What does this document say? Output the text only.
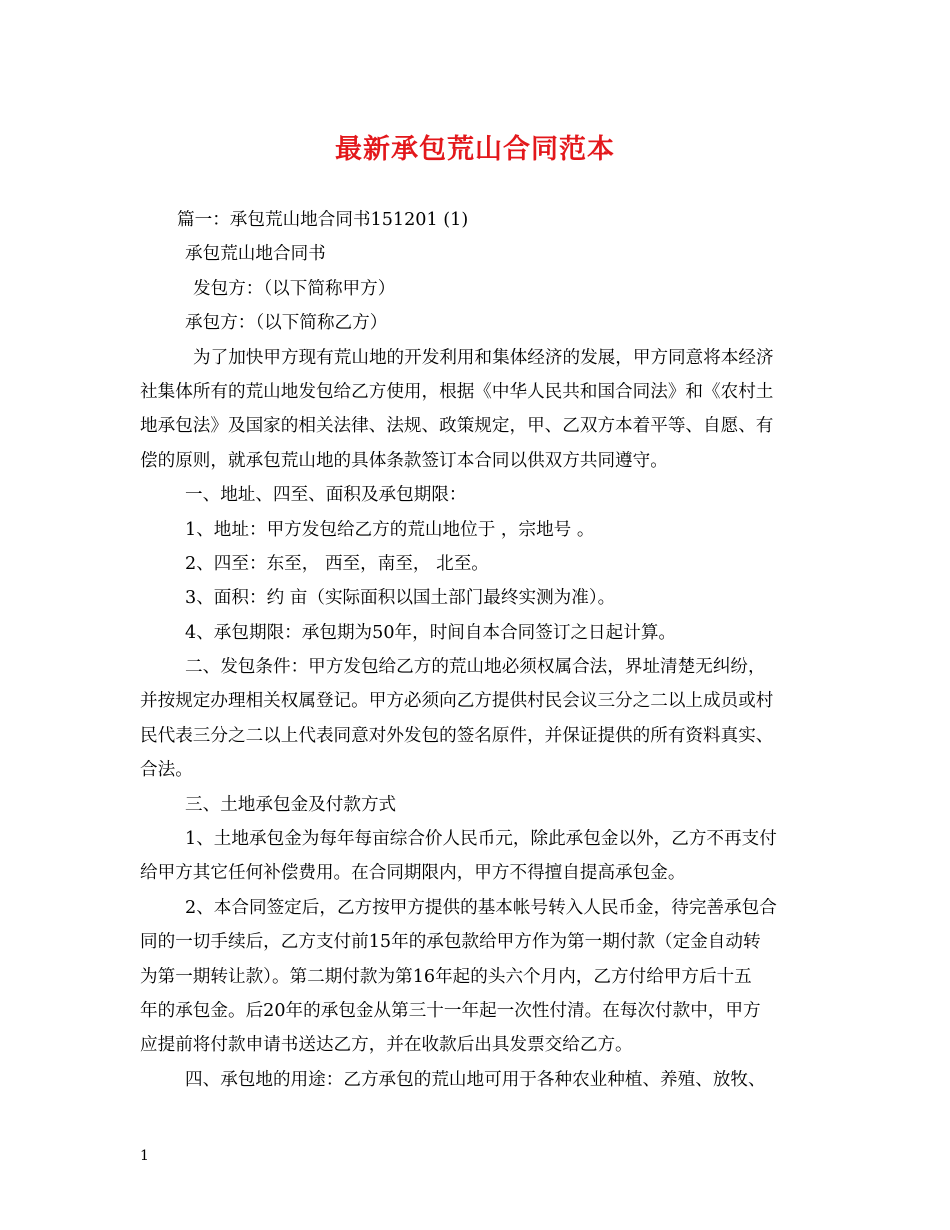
最新承包荒山合同范本
篇一：承包荒山地合同书151201 (1)
承包荒山地合同书
发包方：（以下简称甲方）
承包方：（以下简称乙方）
为了加快甲方现有荒山地的开发利用和集体经济的发展，甲方同意将本经济
社集体所有的荒山地发包给乙方使用，根据《中华人民共和国合同法》和《农村土
地承包法》及国家的相关法律、法规、政策规定，甲、乙双方本着平等、自愿、有
偿的原则，就承包荒山地的具体条款签订本合同以供双方共同遵守。
一、地址、四至、面积及承包期限：
1、地址：甲方发包给乙方的荒山地位于 ，宗地号 。
2、四至：东至， 西至，南至， 北至。
3、面积：约 亩（实际面积以国土部门最终实测为准）。
4、承包期限：承包期为50年，时间自本合同签订之日起计算。
二、发包条件：甲方发包给乙方的荒山地必须权属合法，界址清楚无纠纷，
并按规定办理相关权属登记。甲方必须向乙方提供村民会议三分之二以上成员或村
民代表三分之二以上代表同意对外发包的签名原件，并保证提供的所有资料真实、
合法。
三、土地承包金及付款方式
1、土地承包金为每年每亩综合价人民币元，除此承包金以外，乙方不再支付
给甲方其它任何补偿费用。在合同期限内，甲方不得擅自提高承包金。
2、本合同签定后，乙方按甲方提供的基本帐号转入人民币金，待完善承包合
同的一切手续后，乙方支付前15年的承包款给甲方作为第一期付款（定金自动转
为第一期转让款）。第二期付款为第16年起的头六个月内，乙方付给甲方后十五
年的承包金。后20年的承包金从第三十一年起一次性付清。在每次付款中，甲方
应提前将付款申请书送达乙方，并在收款后出具发票交给乙方。
四、承包地的用途：乙方承包的荒山地可用于各种农业种植、养殖、放牧、
1
